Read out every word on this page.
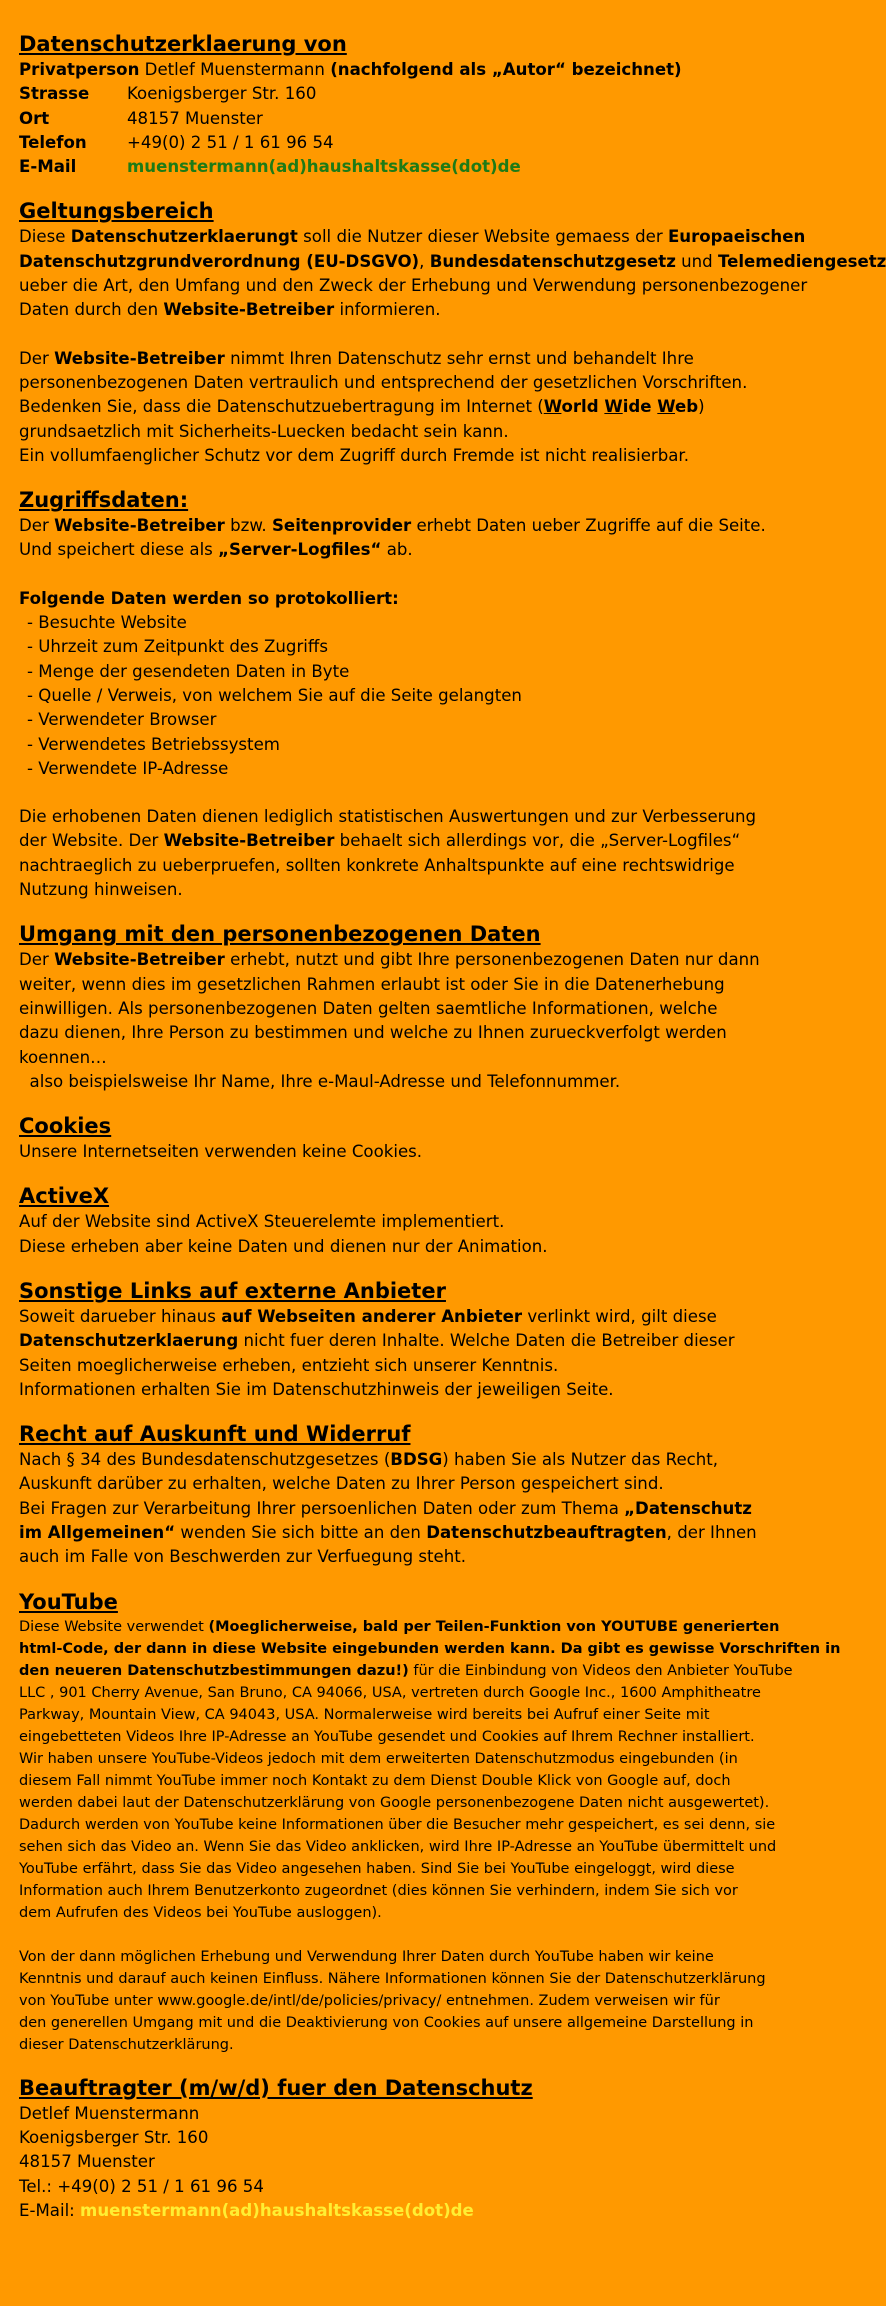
Datenschutzerklaerung von
Privatperson Detlef Muenstermann (nachfolgend als „Autor“ bezeichnet)
Strasse	Koenigsberger Str. 160
Ort	48157 Muenster
Telefon	+49(0) 2 51 / 1 61 96 54
E-Mail	muenstermann(ad)haushaltskasse(dot)de
Geltungsbereich
Diese Datenschutzerklaerungt soll die Nutzer dieser Website gemaess der Europaeischen
Datenschutzgrundverordnung (EU-DSGVO), Bundesdatenschutzgesetz und Telemediengesetz
ueber die Art, den Umfang und den Zweck der Erhebung und Verwendung personenbezogener
Daten durch den Website-Betreiber informieren.
Der Website-Betreiber nimmt Ihren Datenschutz sehr ernst und behandelt Ihre
personenbezogenen Daten vertraulich und entsprechend der gesetzlichen Vorschriften.
Bedenken Sie, dass die Datenschutzuebertragung im Internet (World Wide Web)
grundsaetzlich mit Sicherheits-Luecken bedacht sein kann.
Ein vollumfaenglicher Schutz vor dem Zugriff durch Fremde ist nicht realisierbar.
Zugriffsdaten:
Der Website-Betreiber bzw. Seitenprovider erhebt Daten ueber Zugriffe auf die Seite.
Und speichert diese als „Server-Logfiles“ ab.
Folgende Daten werden so protokolliert:
- Besuchte Website
- Uhrzeit zum Zeitpunkt des Zugriffs
- Menge der gesendeten Daten in Byte
- Quelle / Verweis, von welchem Sie auf die Seite gelangten
- Verwendeter Browser
- Verwendetes Betriebssystem
- Verwendete IP-Adresse
Die erhobenen Daten dienen lediglich statistischen Auswertungen und zur Verbesserung
der Website. Der Website-Betreiber behaelt sich allerdings vor, die „Server-Logfiles“
nachtraeglich zu ueberpruefen, sollten konkrete Anhaltspunkte auf eine rechtswidrige
Nutzung hinweisen.
Umgang mit den personenbezogenen Daten
Der Website-Betreiber erhebt, nutzt und gibt Ihre personenbezogenen Daten nur dann
weiter, wenn dies im gesetzlichen Rahmen erlaubt ist oder Sie in die Datenerhebung
einwilligen. Als personenbezogenen Daten gelten saemtliche Informationen, welche
dazu dienen, Ihre Person zu bestimmen und welche zu Ihnen zurueckverfolgt werden
koennen…
also beispielsweise Ihr Name, Ihre e-Maul-Adresse und Telefonnummer.
Cookies
Unsere Internetseiten verwenden keine Cookies.
ActiveX
Auf der Website sind ActiveX Steuerelemte implementiert.
Diese erheben aber keine Daten und dienen nur der Animation.
Sonstige Links auf externe Anbieter
Soweit darueber hinaus auf Webseiten anderer Anbieter verlinkt wird, gilt diese
Datenschutzerklaerung nicht fuer deren Inhalte. Welche Daten die Betreiber dieser
Seiten moeglicherweise erheben, entzieht sich unserer Kenntnis.
Informationen erhalten Sie im Datenschutzhinweis der jeweiligen Seite.
Recht auf Auskunft und Widerruf
Nach § 34 des Bundesdatenschutzgesetzes (BDSG) haben Sie als Nutzer das Recht,
Auskunft darüber zu erhalten, welche Daten zu Ihrer Person gespeichert sind.
Bei Fragen zur Verarbeitung Ihrer persoenlichen Daten oder zum Thema „Datenschutz
im Allgemeinen“ wenden Sie sich bitte an den Datenschutzbeauftragten, der Ihnen
auch im Falle von Beschwerden zur Verfuegung steht.
YouTube
Diese Website verwendet (Moeglicherweise, bald per Teilen-Funktion von YOUTUBE generierten
html-Code, der dann in diese Website eingebunden werden kann. Da gibt es gewisse Vorschriften in
den neueren Datenschutzbestimmungen dazu!) für die Einbindung von Videos den Anbieter YouTube
LLC , 901 Cherry Avenue, San Bruno, CA 94066, USA, vertreten durch Google Inc., 1600 Amphitheatre
Parkway, Mountain View, CA 94043, USA. Normalerweise wird bereits bei Aufruf einer Seite mit
eingebetteten Videos Ihre IP-Adresse an YouTube gesendet und Cookies auf Ihrem Rechner installiert.
Wir haben unsere YouTube-Videos jedoch mit dem erweiterten Datenschutzmodus eingebunden (in
diesem Fall nimmt YouTube immer noch Kontakt zu dem Dienst Double Klick von Google auf, doch
werden dabei laut der Datenschutzerklärung von Google personenbezogene Daten nicht ausgewertet).
Dadurch werden von YouTube keine Informationen über die Besucher mehr gespeichert, es sei denn, sie
sehen sich das Video an. Wenn Sie das Video anklicken, wird Ihre IP-Adresse an YouTube übermittelt und
YouTube erfährt, dass Sie das Video angesehen haben. Sind Sie bei YouTube eingeloggt, wird diese
Information auch Ihrem Benutzerkonto zugeordnet (dies können Sie verhindern, indem Sie sich vor
dem Aufrufen des Videos bei YouTube ausloggen).
Von der dann möglichen Erhebung und Verwendung Ihrer Daten durch YouTube haben wir keine
Kenntnis und darauf auch keinen Einfluss. Nähere Informationen können Sie der Datenschutzerklärung
von YouTube unter www.google.de/intl/de/policies/privacy/ entnehmen. Zudem verweisen wir für
den generellen Umgang mit und die Deaktivierung von Cookies auf unsere allgemeine Darstellung in
dieser Datenschutzerklärung.
Beauftragter (m/w/d) fuer den Datenschutz
Detlef Muenstermann
Koenigsberger Str. 160
48157 Muenster
Tel.: +49(0) 2 51 / 1 61 96 54
E-Mail: muenstermann(ad)haushaltskasse(dot)de
